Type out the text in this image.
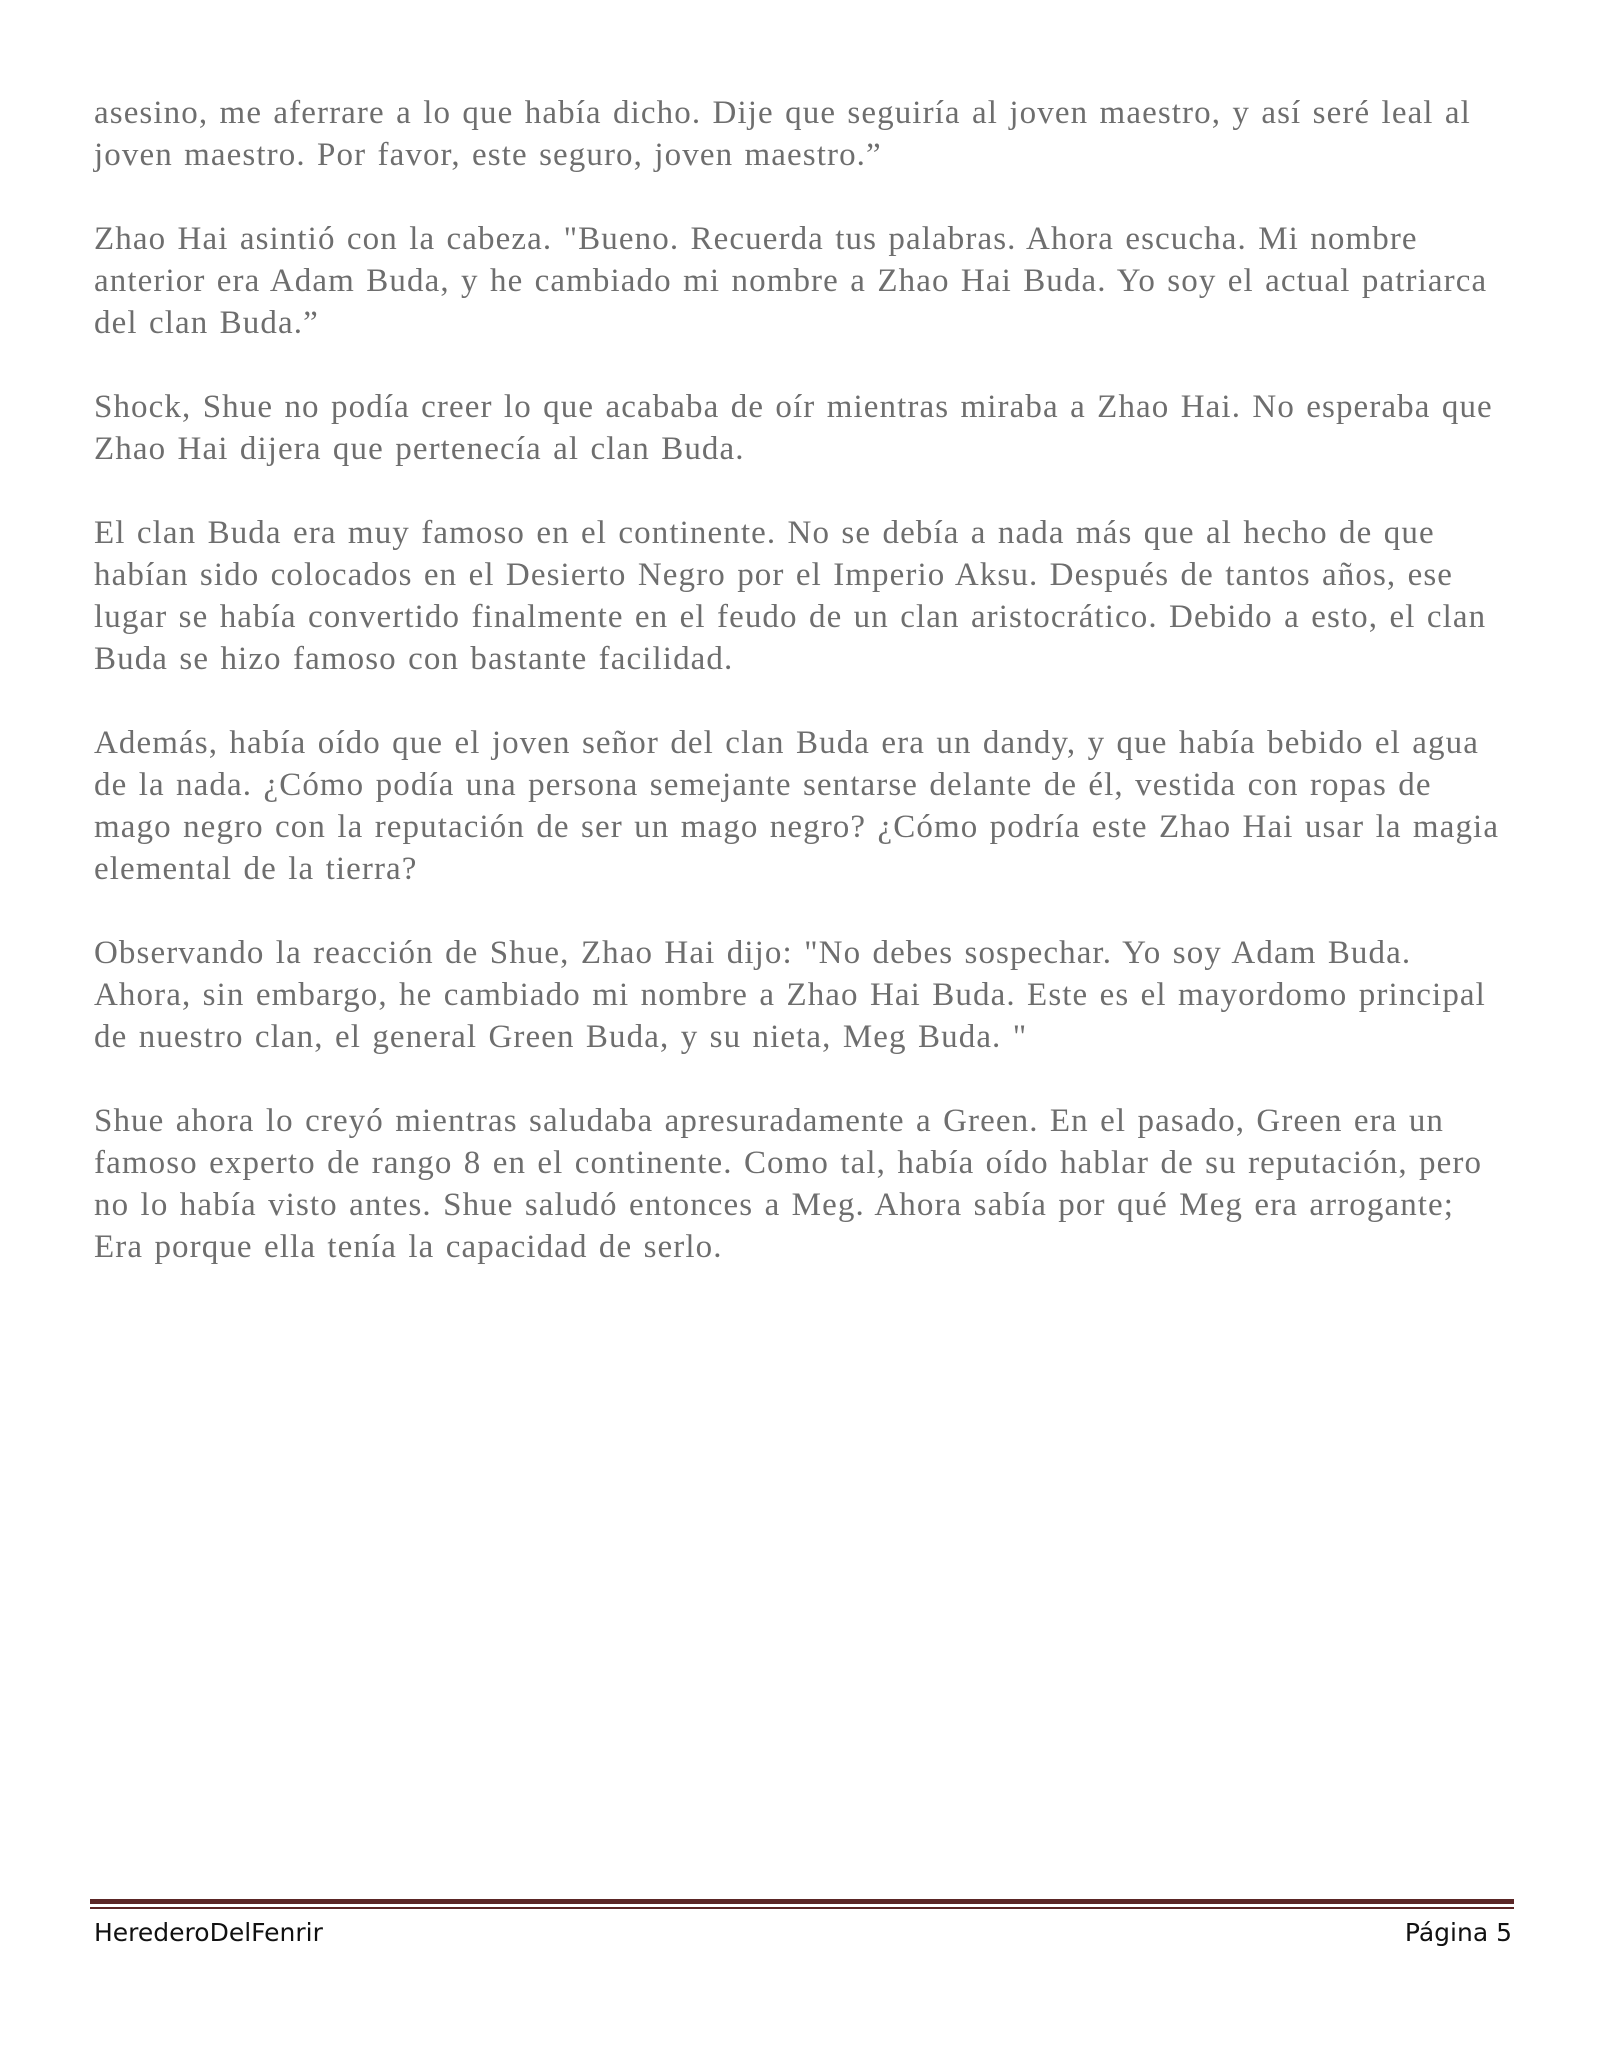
asesino, me aferrare a lo que había dicho. Dije que seguiría al joven maestro, y así seré leal al joven maestro. Por favor, este seguro, joven maestro.”

Zhao Hai asintió con la cabeza. "Bueno. Recuerda tus palabras. Ahora escucha. Mi nombre anterior era Adam Buda, y he cambiado mi nombre a Zhao Hai Buda. Yo soy el actual patriarca del clan Buda.”

Shock, Shue no podía creer lo que acababa de oír mientras miraba a Zhao Hai. No esperaba que Zhao Hai dijera que pertenecía al clan Buda.

El clan Buda era muy famoso en el continente. No se debía a nada más que al hecho de que habían sido colocados en el Desierto Negro por el Imperio Aksu. Después de tantos años, ese lugar se había convertido finalmente en el feudo de un clan aristocrático. Debido a esto, el clan Buda se hizo famoso con bastante facilidad.

Además, había oído que el joven señor del clan Buda era un dandy, y que había bebido el agua de la nada. ¿Cómo podía una persona semejante sentarse delante de él, vestida con ropas de mago negro con la reputación de ser un mago negro? ¿Cómo podría este Zhao Hai usar la magia elemental de la tierra?

Observando la reacción de Shue, Zhao Hai dijo: "No debes sospechar. Yo soy Adam Buda. Ahora, sin embargo, he cambiado mi nombre a Zhao Hai Buda. Este es el mayordomo principal de nuestro clan, el general Green Buda, y su nieta, Meg Buda. "

Shue ahora lo creyó mientras saludaba apresuradamente a Green. En el pasado, Green era un famoso experto de rango 8 en el continente. Como tal, había oído hablar de su reputación, pero no lo había visto antes. Shue saludó entonces a Meg. Ahora sabía por qué Meg era arrogante; Era porque ella tenía la capacidad de serlo.

HerederoDelFenrir	Página 5
